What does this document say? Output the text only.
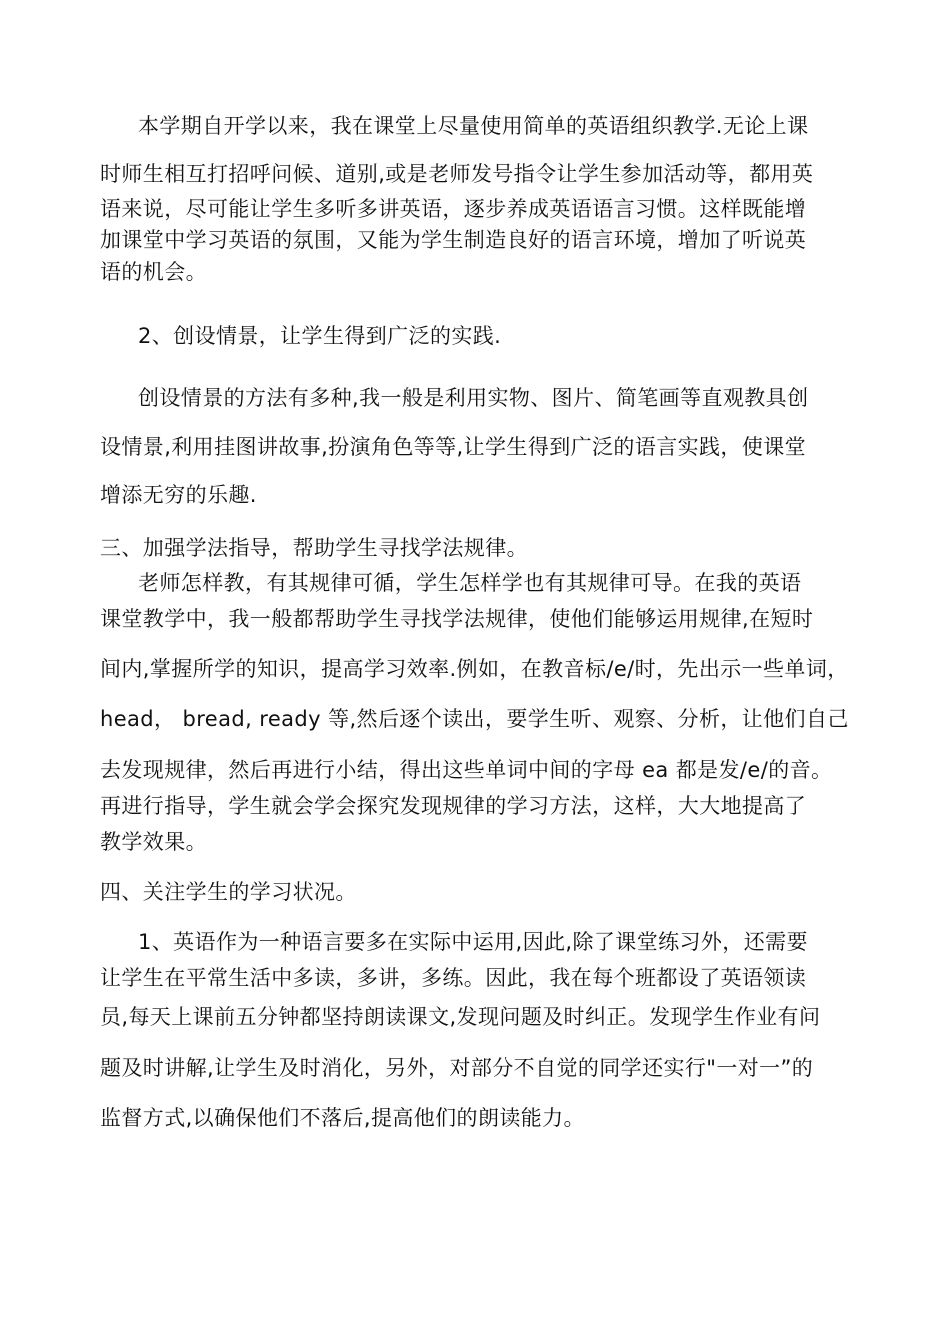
本学期自开学以来，我在课堂上尽量使用简单的英语组织教学.无论上课
时师生相互打招呼问候、道别,或是老师发号指令让学生参加活动等，都用英
语来说，尽可能让学生多听多讲英语，逐步养成英语语言习惯。这样既能增
加课堂中学习英语的氛围，又能为学生制造良好的语言环境，增加了听说英
语的机会。
2、创设情景，让学生得到广泛的实践.
创设情景的方法有多种,我一般是利用实物、图片、简笔画等直观教具创
设情景,利用挂图讲故事,扮演角色等等,让学生得到广泛的语言实践，使课堂
增添无穷的乐趣.
三、加强学法指导，帮助学生寻找学法规律。
老师怎样教，有其规律可循，学生怎样学也有其规律可导。在我的英语
课堂教学中，我一般都帮助学生寻找学法规律，使他们能够运用规律,在短时
间内,掌握所学的知识，提高学习效率.例如，在教音标/e/时，先出示一些单词，
head， bread, ready 等,然后逐个读出，要学生听、观察、分析，让他们自己
去发现规律，然后再进行小结，得出这些单词中间的字母 ea 都是发/e/的音。
再进行指导，学生就会学会探究发现规律的学习方法，这样，大大地提高了
教学效果。
四、关注学生的学习状况。
1、英语作为一种语言要多在实际中运用,因此,除了课堂练习外，还需要
让学生在平常生活中多读，多讲，多练。因此，我在每个班都设了英语领读
员,每天上课前五分钟都坚持朗读课文,发现问题及时纠正。发现学生作业有问
题及时讲解,让学生及时消化，另外，对部分不自觉的同学还实行"一对一”的
监督方式,以确保他们不落后,提高他们的朗读能力。
